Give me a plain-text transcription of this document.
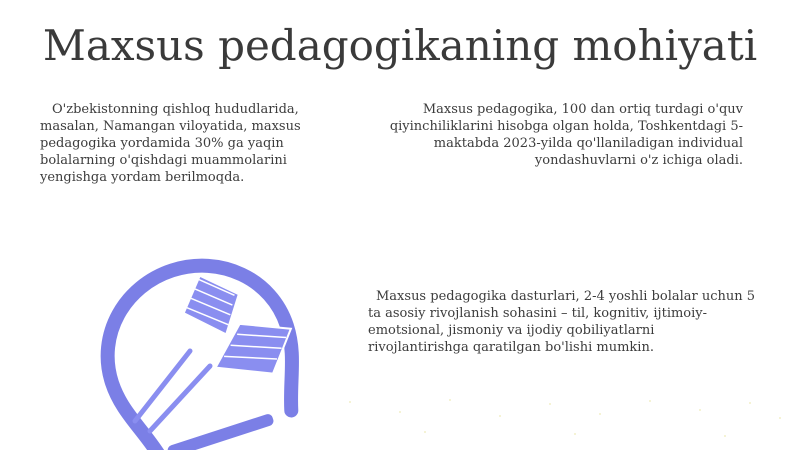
Maxsus pedagogikaning mohiyati

O'zbekistonning qishloq hududlarida, masalan, Namangan viloyatida, maxsus pedagogika yordamida 30% ga yaqin bolalarning o'qishdagi muammolarini yengishga yordam berilmoqda.

Maxsus pedagogika, 100 dan ortiq turdagi o'quv qiyinchiliklarini hisobga olgan holda, Toshkentdagi 5-maktabda 2023-yilda qo'llaniladigan individual yondashuvlarni o'z ichiga oladi.

Maxsus pedagogika dasturlari, 2-4 yoshli bolalar uchun 5 ta asosiy rivojlanish sohasini – til, kognitiv, ijtimoiy-emotsional, jismoniy va ijodiy qobiliyatlarni rivojlantirishga qaratilgan bo'lishi mumkin.
